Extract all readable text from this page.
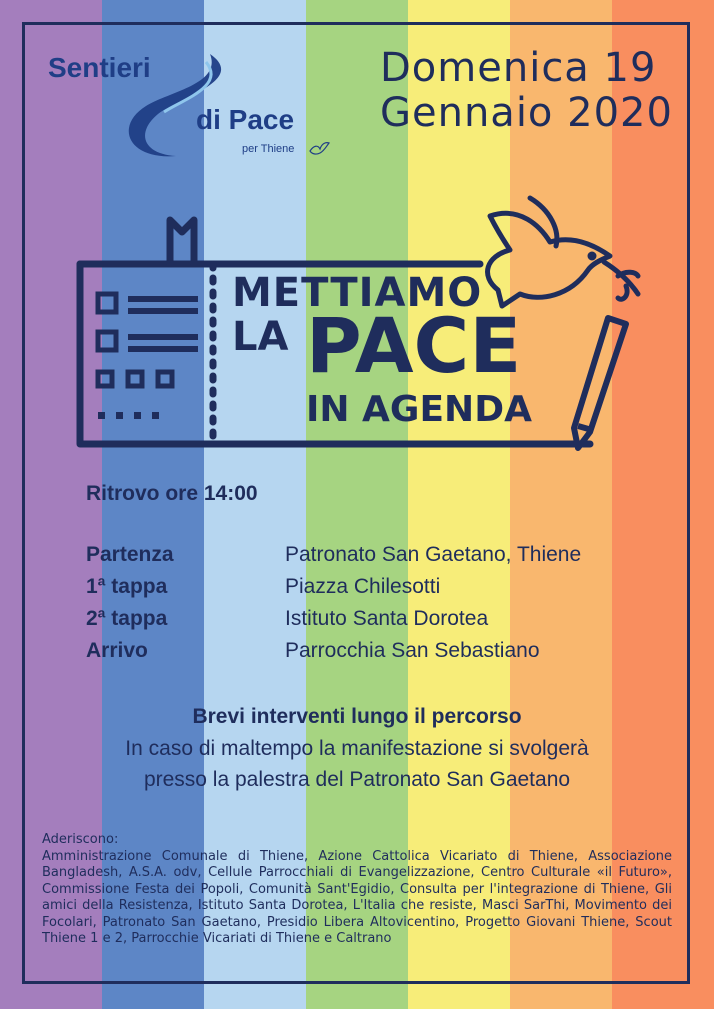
Sentieri
di Pace
per Thiene
Domenica 19
Gennaio 2020
METTIAMO
LA PACE
IN AGENDA
Ritrovo ore 14:00
Partenza	Patronato San Gaetano, Thiene
1ª tappa	Piazza Chilesotti
2ª tappa	Istituto Santa Dorotea
Arrivo	Parrocchia San Sebastiano
Brevi interventi lungo il percorso
In caso di maltempo la manifestazione si svolgerà
presso la palestra del Patronato San Gaetano
Aderiscono:
Amministrazione Comunale di Thiene, Azione Cattolica Vicariato di Thiene, Associazione Bangladesh, A.S.A. odv, Cellule Parrocchiali di Evangelizzazione, Centro Culturale «il Futuro», Commissione Festa dei Popoli, Comunità Sant'Egidio, Consulta per l'integrazione di Thiene, Gli amici della Resistenza, Istituto Santa Dorotea, L'Italia che resiste, Masci SarThi, Movimento dei Focolari, Patronato San Gaetano, Presidio Libera Altovicentino, Progetto Giovani Thiene, Scout Thiene 1 e 2, Parrocchie Vicariati di Thiene e Caltrano
